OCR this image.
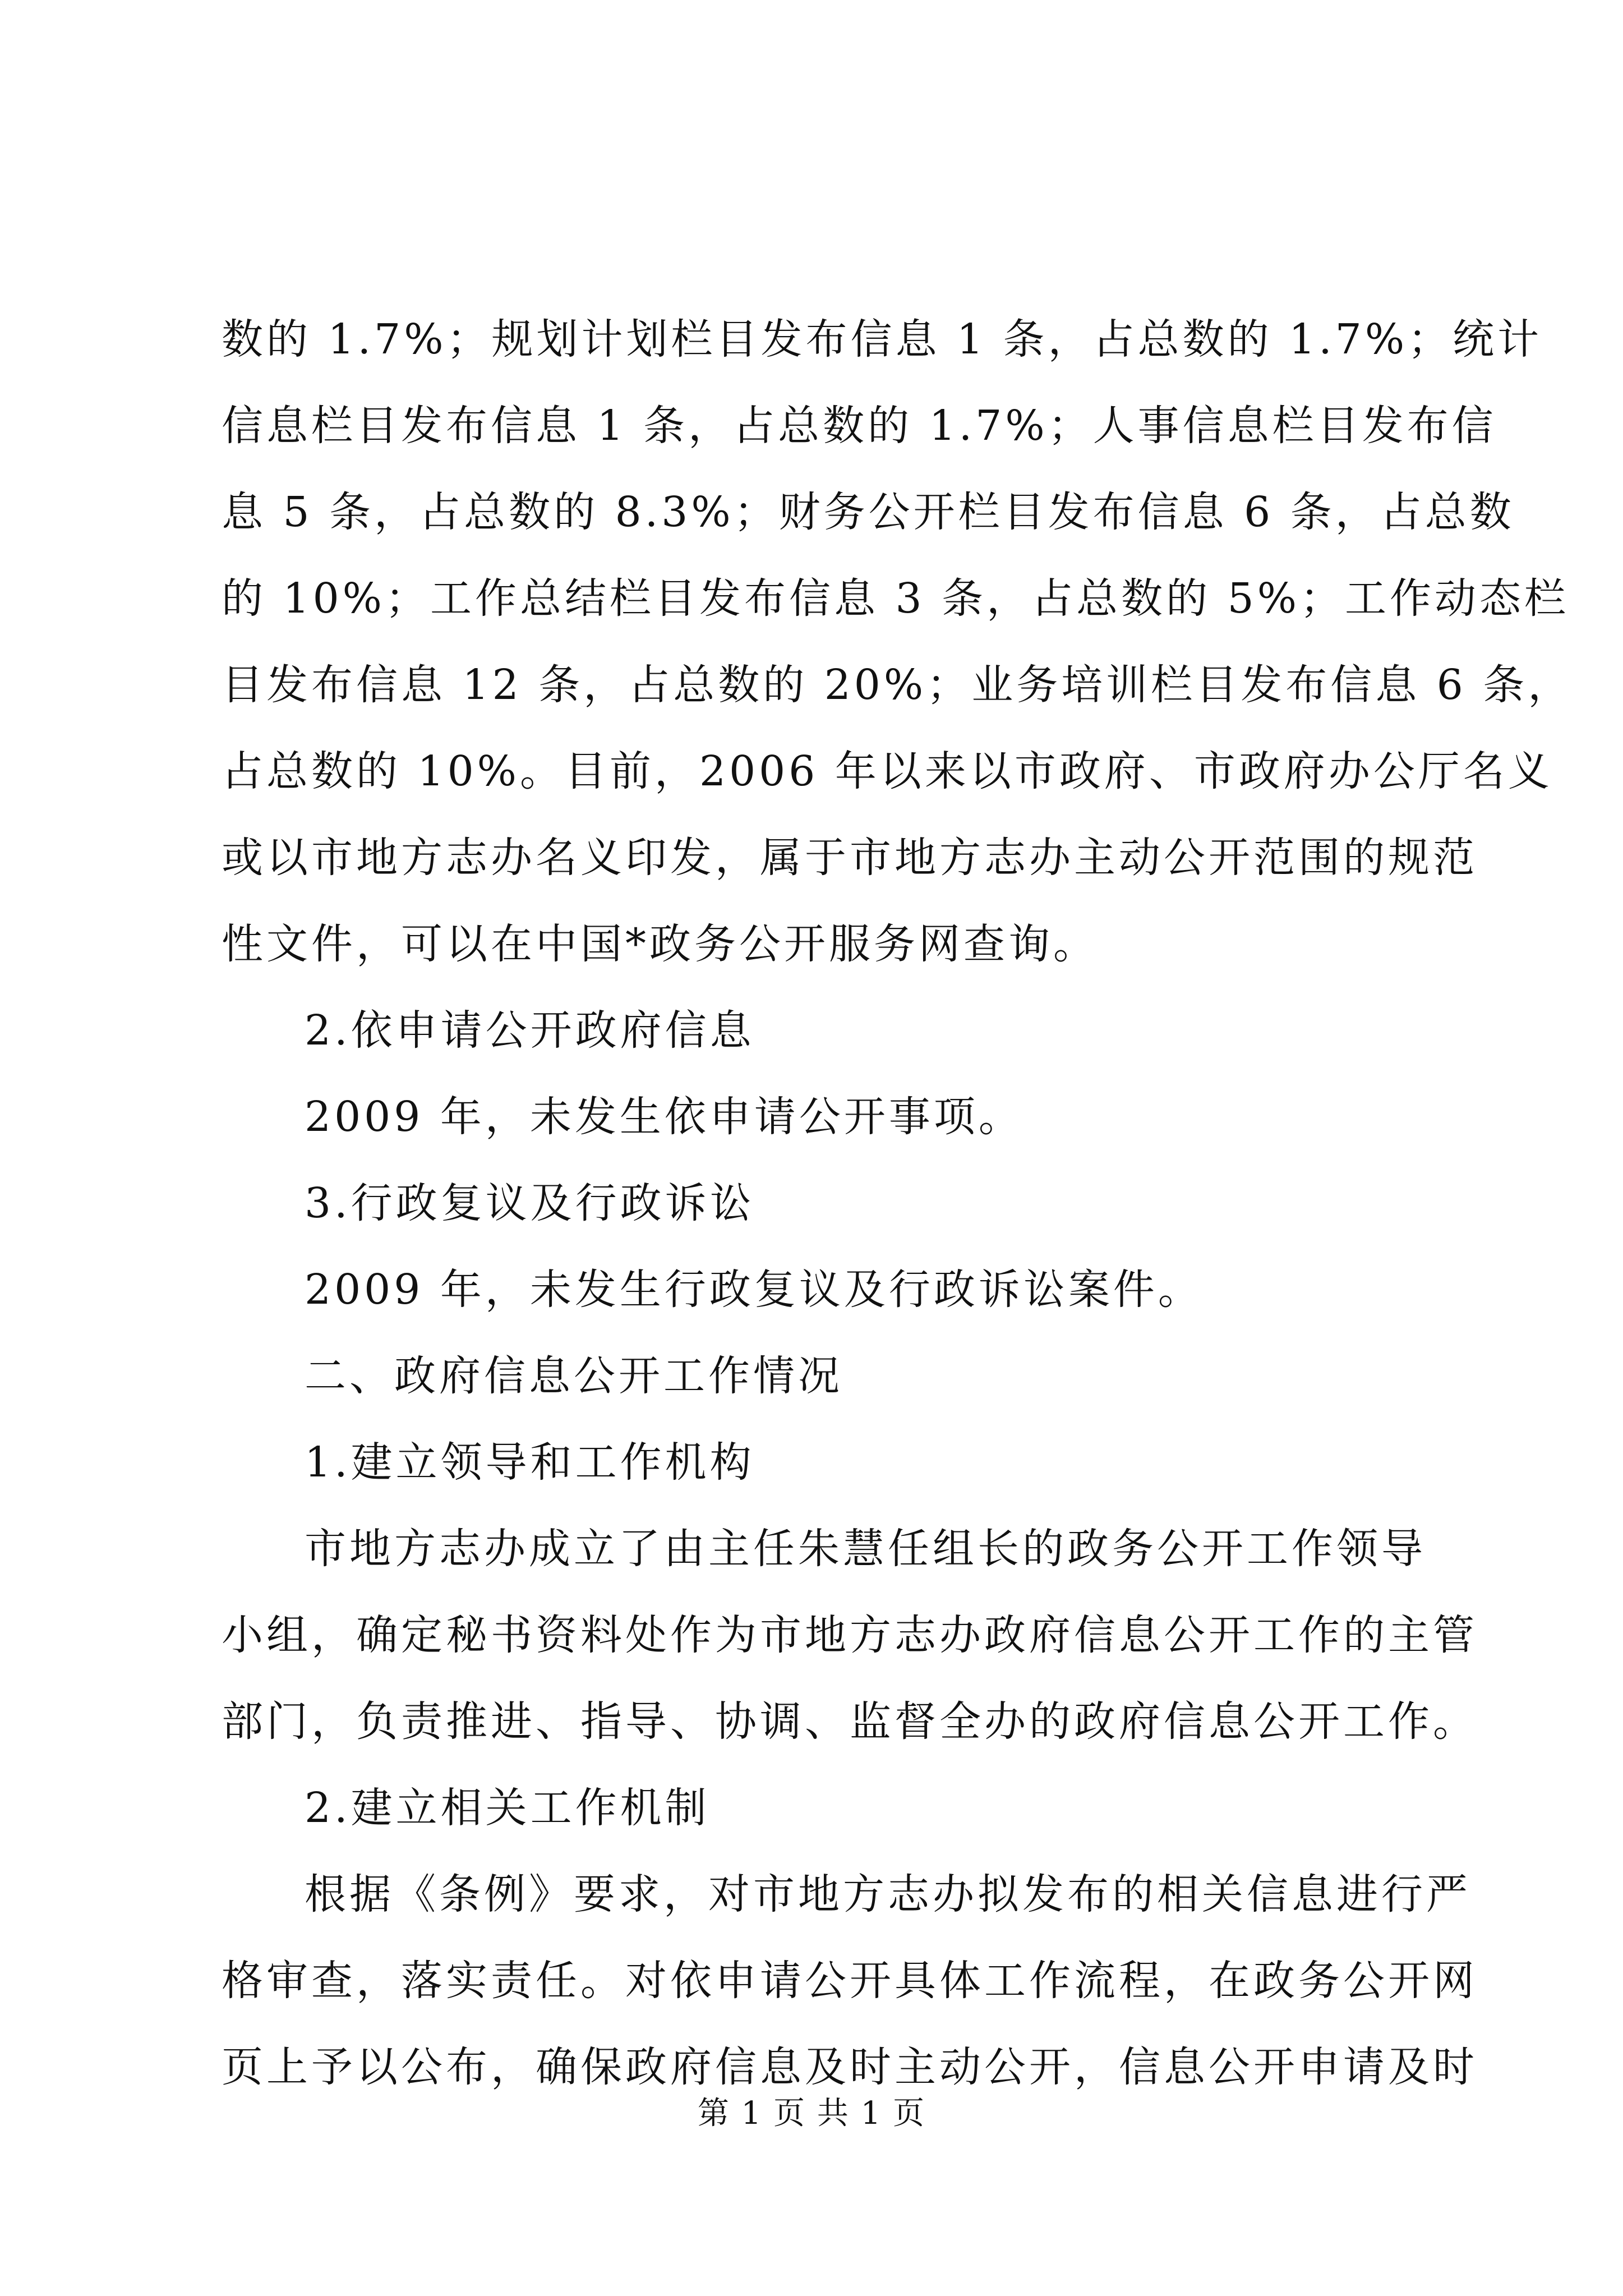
数的 1.7%；规划计划栏目发布信息 1 条，占总数的 1.7%；统计
信息栏目发布信息 1 条，占总数的 1.7%；人事信息栏目发布信
息 5 条，占总数的 8.3%；财务公开栏目发布信息 6 条，占总数
的 10%；工作总结栏目发布信息 3 条，占总数的 5%；工作动态栏
目发布信息 12 条，占总数的 20%；业务培训栏目发布信息 6 条，
占总数的 10%。目前，2006 年以来以市政府、市政府办公厅名义
或以市地方志办名义印发，属于市地方志办主动公开范围的规范
性文件，可以在中国*政务公开服务网查询。
2.依申请公开政府信息
2009 年，未发生依申请公开事项。
3.行政复议及行政诉讼
2009 年，未发生行政复议及行政诉讼案件。
二、政府信息公开工作情况
1.建立领导和工作机构
市地方志办成立了由主任朱慧任组长的政务公开工作领导
小组，确定秘书资料处作为市地方志办政府信息公开工作的主管
部门，负责推进、指导、协调、监督全办的政府信息公开工作。
2.建立相关工作机制
根据《条例》要求，对市地方志办拟发布的相关信息进行严
格审查，落实责任。对依申请公开具体工作流程，在政务公开网
页上予以公布，确保政府信息及时主动公开，信息公开申请及时
第 1 页 共 1 页
